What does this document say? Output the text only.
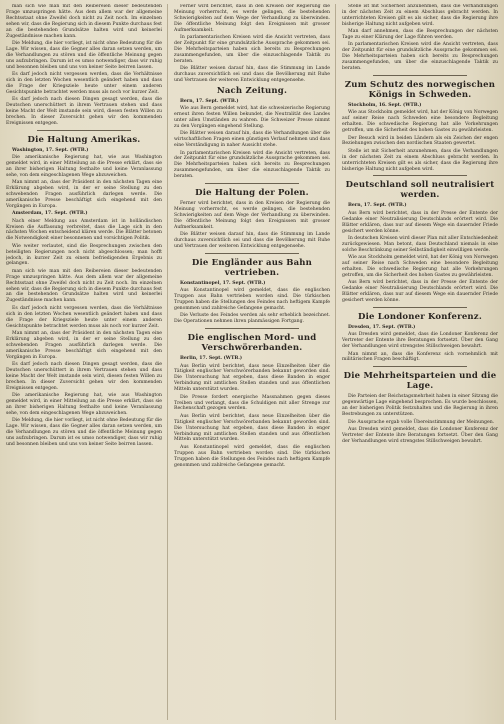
man sich wie man mit den Reibereien dieser bedeutenden Frage umzuspringen hätte. Aus dem allem war der allgemeine Rechtsstaat ohne Zweifel doch nicht zu Zeit noch. Im einzelnen sehen wir, dass die Regierung sich in diesem Punkte durchaus fest an die bestehenden Grundsätze halten wird und keinerlei Zugeständnisse machen kann.

Die Meldung, die hier vorliegt, ist nicht ohne Bedeutung für die Lage. Wir wissen, dass die Gegner alles daran setzen werden, um die Verhandlungen zu stören und die öffentliche Meinung gegen uns aufzubringen. Darum ist es umso notwendiger, dass wir ruhig und besonnen bleiben und uns von keiner Seite beirren lassen.

Es darf jedoch nicht vergessen werden, dass die Verhältnisse sich in den letzten Wochen wesentlich geändert haben und dass die Frage der Kriegsziele heute unter einem anderen Gesichtspunkte betrachtet werden muss als noch vor kurzer Zeit.

Es darf jedoch nach diesen Dingen gesagt werden, dass die Deutschen unerschüttert in ihrem Vertrauen stehen und dass keine Macht der Welt imstande sein wird, diesen festen Willen zu brechen. In dieser Zuversicht gehen wir den kommenden Ereignissen entgegen.

Die Haltung Amerikas.

Washington, 17. Sept. (WTB.)

Die amerikanische Regierung hat, wie aus Washington gemeldet wird, in einer Mitteilung an die Presse erklärt, dass sie an ihrer bisherigen Haltung festhalte und keine Veranlassung sehe, von dem eingeschlagenen Wege abzuweichen.

Man nimmt an, dass der Präsident in den nächsten Tagen eine Erklärung abgeben wird, in der er seine Stellung zu den schwebenden Fragen ausführlich darlegen werde. Die amerikanische Presse beschäftigt sich eingehend mit den Vorgängen in Europa.

Amsterdam, 17. Sept. (WTB.)

Nach einer Meldung aus Amsterdam ist in holländischen Kreisen die Auffassung verbreitet, dass die Lage sich in den nächsten Wochen entscheidend klären werde. Die Blätter betonen die Notwendigkeit einer besonnenen und vorsichtigen Politik.

Wie weiter verlautet, sind die Besprechungen zwischen den beteiligten Regierungen noch nicht abgeschlossen; man hofft jedoch, in kurzer Zeit zu einem befriedigenden Ergebnis zu gelangen.

man sich wie man mit den Reibereien dieser bedeutenden Frage umzuspringen hätte. Aus dem allem war der allgemeine Rechtsstaat ohne Zweifel doch nicht zu Zeit noch. Im einzelnen sehen wir, dass die Regierung sich in diesem Punkte durchaus fest an die bestehenden Grundsätze halten wird und keinerlei Zugeständnisse machen kann.

Es darf jedoch nicht vergessen werden, dass die Verhältnisse sich in den letzten Wochen wesentlich geändert haben und dass die Frage der Kriegsziele heute unter einem anderen Gesichtspunkte betrachtet werden muss als noch vor kurzer Zeit.

Man nimmt an, dass der Präsident in den nächsten Tagen eine Erklärung abgeben wird, in der er seine Stellung zu den schwebenden Fragen ausführlich darlegen werde. Die amerikanische Presse beschäftigt sich eingehend mit den Vorgängen in Europa.

Es darf jedoch nach diesen Dingen gesagt werden, dass die Deutschen unerschüttert in ihrem Vertrauen stehen und dass keine Macht der Welt imstande sein wird, diesen festen Willen zu brechen. In dieser Zuversicht gehen wir den kommenden Ereignissen entgegen.

Die amerikanische Regierung hat, wie aus Washington gemeldet wird, in einer Mitteilung an die Presse erklärt, dass sie an ihrer bisherigen Haltung festhalte und keine Veranlassung sehe, von dem eingeschlagenen Wege abzuweichen.

Die Meldung, die hier vorliegt, ist nicht ohne Bedeutung für die Lage. Wir wissen, dass die Gegner alles daran setzen werden, um die Verhandlungen zu stören und die öffentliche Meinung gegen uns aufzubringen. Darum ist es umso notwendiger, dass wir ruhig und besonnen bleiben und uns von keiner Seite beirren lassen.

Ferner wird berichtet, dass in den Kreisen der Regierung die Meinung vorherrscht, es werde gelingen, die bestehenden Schwierigkeiten auf dem Wege der Verhandlung zu überwinden. Die öffentliche Meinung folgt den Ereignissen mit grosser Aufmerksamkeit.

In parlamentarischen Kreisen wird die Ansicht vertreten, dass der Zeitpunkt für eine grundsätzliche Aussprache gekommen sei. Die Mehrheitsparteien haben sich bereits zu Besprechungen zusammengefunden, um über die einzuschlagende Taktik zu beraten.

Die Blätter weisen darauf hin, dass die Stimmung im Lande durchaus zuversichtlich sei und dass die Bevölkerung mit Ruhe und Vertrauen der weiteren Entwicklung entgegensehe.

Nach Zeitung.

Bern, 17. Sept. (WTB.)

Wie aus Bern gemeldet wird, hat die schweizerische Regierung erneut ihren festen Willen bekundet, die Neutralität des Landes unter allen Umständen zu wahren. Die Schweizer Presse nimmt zu den Vorgängen eingehend Stellung.

Die Blätter weisen darauf hin, dass die Verhandlungen über die wirtschaftlichen Fragen einen günstigen Verlauf nehmen und dass eine Verständigung in naher Aussicht stehe.

In parlamentarischen Kreisen wird die Ansicht vertreten, dass der Zeitpunkt für eine grundsätzliche Aussprache gekommen sei. Die Mehrheitsparteien haben sich bereits zu Besprechungen zusammengefunden, um über die einzuschlagende Taktik zu beraten.

Die Haltung der Polen.

Ferner wird berichtet, dass in den Kreisen der Regierung die Meinung vorherrscht, es werde gelingen, die bestehenden Schwierigkeiten auf dem Wege der Verhandlung zu überwinden. Die öffentliche Meinung folgt den Ereignissen mit grosser Aufmerksamkeit.

Die Blätter weisen darauf hin, dass die Stimmung im Lande durchaus zuversichtlich sei und dass die Bevölkerung mit Ruhe und Vertrauen der weiteren Entwicklung entgegensehe.

Die Engländer aus Bahn vertrieben.

Konstantinopel, 17. Sept. (WTB.)

Aus Konstantinopel wird gemeldet, dass die englischen Truppen aus Bahn vertrieben worden sind. Die türkischen Truppen haben die Stellungen des Feindes nach heftigem Kampfe genommen und zahlreiche Gefangene gemacht.

Die Verluste des Feindes werden als sehr erheblich bezeichnet. Die Operationen nehmen ihren planmässigen Fortgang.

Die englischen Mord- und Verschwörerbanden.

Berlin, 17. Sept. (WTB.)

Aus Berlin wird berichtet, dass neue Einzelheiten über die Tätigkeit englischer Verschwörerbanden bekannt geworden sind. Die Untersuchung hat ergeben, dass diese Banden in enger Verbindung mit amtlichen Stellen standen und aus öffentlichen Mitteln unterstützt wurden.

Die Presse fordert energische Massnahmen gegen dieses Treiben und verlangt, dass die Schuldigen mit aller Strenge zur Rechenschaft gezogen werden.

Aus Berlin wird berichtet, dass neue Einzelheiten über die Tätigkeit englischer Verschwörerbanden bekannt geworden sind. Die Untersuchung hat ergeben, dass diese Banden in enger Verbindung mit amtlichen Stellen standen und aus öffentlichen Mitteln unterstützt wurden.

Aus Konstantinopel wird gemeldet, dass die englischen Truppen aus Bahn vertrieben worden sind. Die türkischen Truppen haben die Stellungen des Feindes nach heftigem Kampfe genommen und zahlreiche Gefangene gemacht.

Stelle ist mit Sicherheit anzunehmen, dass die Verhandlungen in der nächsten Zeit zu einem Abschluss gebracht werden. In unterrichteten Kreisen gilt es als sicher, dass die Regierung ihre bisherige Haltung nicht aufgeben wird.

Man darf annehmen, dass die Besprechungen der nächsten Tage zu einer Klärung der Lage führen werden.

In parlamentarischen Kreisen wird die Ansicht vertreten, dass der Zeitpunkt für eine grundsätzliche Aussprache gekommen sei. Die Mehrheitsparteien haben sich bereits zu Besprechungen zusammengefunden, um über die einzuschlagende Taktik zu beraten.

Zum Schutz des norwegischen Königs in Schweden.

Stockholm, 16. Sept. (WTB.)

Wie aus Stockholm gemeldet wird, hat der König von Norwegen auf seiner Reise nach Schweden eine besondere Begleitung erhalten. Die schwedische Regierung hat alle Vorkehrungen getroffen, um die Sicherheit des hohen Gastes zu gewährleisten.

Der Besuch wird in beiden Ländern als ein Zeichen der engen Beziehungen zwischen den nordischen Staaten gewertet.

Stelle ist mit Sicherheit anzunehmen, dass die Verhandlungen in der nächsten Zeit zu einem Abschluss gebracht werden. In unterrichteten Kreisen gilt es als sicher, dass die Regierung ihre bisherige Haltung nicht aufgeben wird.

Deutschland soll neutralisiert werden.

Bern, 17. Sept. (WTB.)

Aus Bern wird berichtet, dass in der Presse der Entente der Gedanke einer Neutralisierung Deutschlands erörtert wird. Die Blätter erklären, dass nur auf diesem Wege ein dauernder Friede gesichert werden könne.

In deutschen Kreisen wird dieser Plan mit aller Entschiedenheit zurückgewiesen. Man betont, dass Deutschland niemals in eine solche Beschränkung seiner Selbständigkeit einwilligen werde.

Wie aus Stockholm gemeldet wird, hat der König von Norwegen auf seiner Reise nach Schweden eine besondere Begleitung erhalten. Die schwedische Regierung hat alle Vorkehrungen getroffen, um die Sicherheit des hohen Gastes zu gewährleisten.

Aus Bern wird berichtet, dass in der Presse der Entente der Gedanke einer Neutralisierung Deutschlands erörtert wird. Die Blätter erklären, dass nur auf diesem Wege ein dauernder Friede gesichert werden könne.

Die Londoner Konferenz.

Dresden, 17. Sept. (WTB.)

Aus Dresden wird gemeldet, dass die Londoner Konferenz der Vertreter der Entente ihre Beratungen fortsetzt. Über den Gang der Verhandlungen wird strengstes Stillschweigen bewahrt.

Man nimmt an, dass die Konferenz sich vornehmlich mit militärischen Fragen beschäftigt.

Die Mehrheitsparteien und die Lage.

Die Parteien der Reichstagsmehrheit haben in einer Sitzung die gegenwärtige Lage eingehend besprochen. Es wurde beschlossen, an der bisherigen Politik festzuhalten und die Regierung in ihren Bestrebungen zu unterstützen.

Die Aussprache ergab volle Übereinstimmung der Meinungen.

Aus Dresden wird gemeldet, dass die Londoner Konferenz der Vertreter der Entente ihre Beratungen fortsetzt. Über den Gang der Verhandlungen wird strengstes Stillschweigen bewahrt.
